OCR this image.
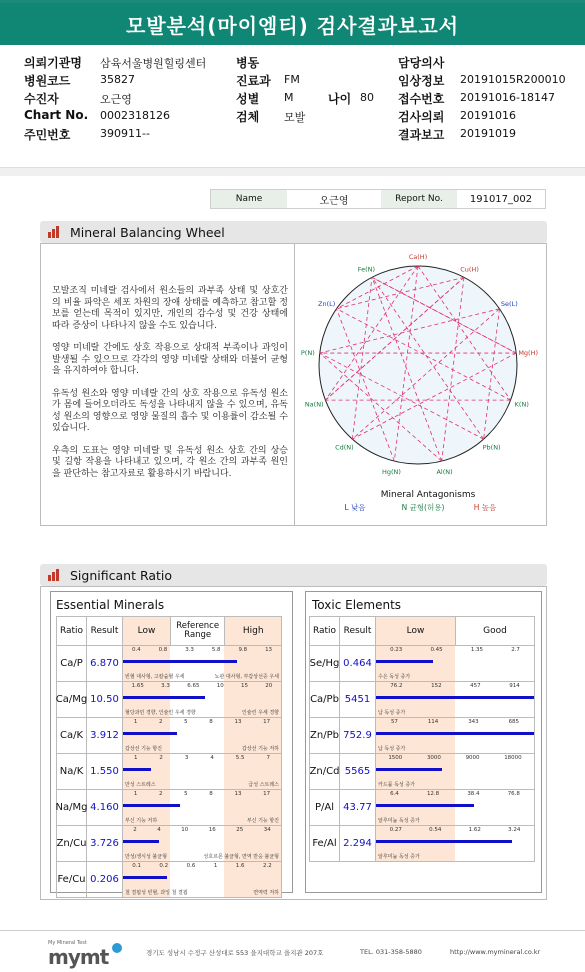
모발분석(마이엠티) 검사결과보고서
의뢰기관명 삼육서울병원힐링센터 병동	담당의사
병원코드	35827	진료과 FM	임상정보 20191015R200010
수진자	오근영	성별 M	나이 80 접수번호 20191016-18147
Chart No. 0002318126	검체 모발	검사의뢰 20191016
주민번호	390911--	결과보고 20191019
Name	오근영	Report No.	191017_002
Mineral Balancing Wheel

모발조직 미네랄 검사에서 원소들의 과부족 상태 및 상호간의 비율 파악은 세포 차원의 장애 상태를 예측하고 참고할 정보를 얻는데 목적이 있지만, 개인의 감수성 및 건강 상태에 따라 증상이 나타나지 않을 수도 있습니다.

영양 미네랄 간에도 상호 작용으로 상대적 부족이나 과잉이 발생될 수 있으므로 각각의 영양 미네랄 상태와 더불어 균형을 유지하여야 합니다.

유독성 원소와 영양 미네랄 간의 상호 작용으로 유독성 원소가 몸에 들어오더라도 독성을 나타내지 않을 수 있으며, 유독성 원소의 영향으로 영양 물질의 흡수 및 이용률이 감소될 수 있습니다.

우측의 도표는 영양 미네랄 및 유독성 원소 상호 간의 상승 및 길항 작용을 나타내고 있으며, 각 원소 간의 과부족 원인을 판단하는 참고자료로 활용하시기 바랍니다.

Ca(H)
Cu(H)
Se(L)
Mg(H)
K(N)
Pb(N)
Al(N)
Hg(N)
Cd(N)
Na(N)
P(N)
Zn(L)
Fe(N)
Mineral Antagonisms
L 낮음	N 균형(허용)	H 높음
Significant Ratio
Essential Minerals
Ratio Result	Low	Reference Range	High
Ca/P 6.870
0.4	0.8	3.3	5.8	9.8	13
빈혈 대사형, 고칼슘혈 우세	뇨관 대사형, 부갑상선증 우세
Ca/Mg 10.50
1.65	3.3	6.65	10	15	20
혈당과민 경향, 인슐린 우세 경향	인슐린 우세 경향
Ca/K 3.912
1	2	5	8	13	17
갑상선 기능 항진	갑상선 기능 저하
Na/K 1.550
1	2	3	4	5.5	7
만성 스트레스	급성 스트레스
Na/Mg 4.160
1	2	5	8	13	17
부신 기능 저하	부신 기능 항진
Zn/Cu 3.726
2	4	10	16	25	34
만성/생식성 불균형	성호르몬 불균형, 면역 반응 불균형
Fe/Cu 0.206
0.1	0.2	0.6	1	1.6	2.2
철 결핍성 빈혈, 과잉 철 결핍	면역력 저하
Toxic Elements
Ratio Result	Low	Good
Se/Hg 0.464
0.23	0.45	1.35	2.7
수은 독성 증가
Ca/Pb 5451
76.2	152	457	914
납 독성 증가
Zn/Pb 752.9
57	114	343	685
납 독성 증가
Zn/Cd 5565
1500	3000	9000	18000
카드뮴 독성 증가
P/Al 43.77
6.4	12.8	38.4	76.8
알루미늄 독성 증가
Fe/Al 2.294
0.27	0.54	1.62	3.24
알루미늄 독성 증가
My Mineral Test
mymt	경기도 성남시 수정구 산성대로 553 을지대학교 을지관 207호	TEL. 031-358-5880	http://www.mymineral.co.kr
